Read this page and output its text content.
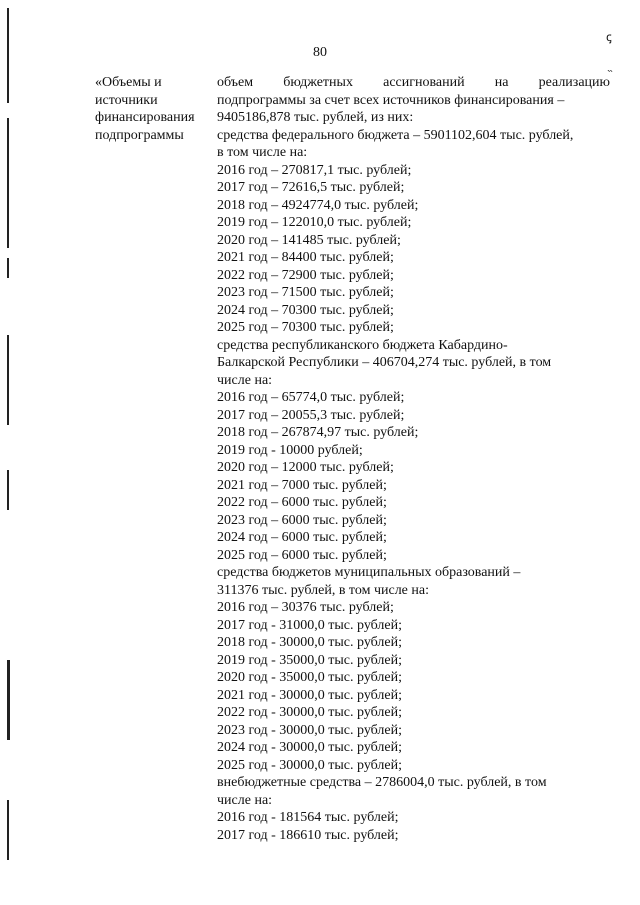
ꞔ
˵
80
«Объемы и
источники
финансирования
подпрограммы
объем бюджетных ассигнований на реализацию
подпрограммы за счет всех источников финансирования –
9405186,878 тыс. рублей, из них:
средства федерального бюджета – 5901102,604 тыс. рублей,
в том числе на:
2016 год – 270817,1 тыс. рублей;
2017 год – 72616,5 тыс. рублей;
2018 год – 4924774,0 тыс. рублей;
2019 год – 122010,0 тыс. рублей;
2020 год – 141485 тыс. рублей;
2021 год – 84400 тыс. рублей;
2022 год – 72900 тыс. рублей;
2023 год – 71500 тыс. рублей;
2024 год – 70300 тыс. рублей;
2025 год – 70300 тыс. рублей;
средства республиканского бюджета Кабардино-
Балкарской Республики – 406704,274 тыс. рублей, в том
числе на:
2016 год – 65774,0 тыс. рублей;
2017 год – 20055,3 тыс. рублей;
2018 год – 267874,97 тыс. рублей;
2019 год - 10000 рублей;
2020 год – 12000 тыс. рублей;
2021 год – 7000 тыс. рублей;
2022 год – 6000 тыс. рублей;
2023 год – 6000 тыс. рублей;
2024 год – 6000 тыс. рублей;
2025 год – 6000 тыс. рублей;
средства бюджетов муниципальных образований –
311376 тыс. рублей, в том числе на:
2016 год – 30376 тыс. рублей;
2017 год - 31000,0 тыс. рублей;
2018 год - 30000,0 тыс. рублей;
2019 год - 35000,0 тыс. рублей;
2020 год - 35000,0 тыс. рублей;
2021 год - 30000,0 тыс. рублей;
2022 год - 30000,0 тыс. рублей;
2023 год - 30000,0 тыс. рублей;
2024 год - 30000,0 тыс. рублей;
2025 год - 30000,0 тыс. рублей;
внебюджетные средства – 2786004,0 тыс. рублей, в том
числе на:
2016 год - 181564 тыс. рублей;
2017 год - 186610 тыс. рублей;
